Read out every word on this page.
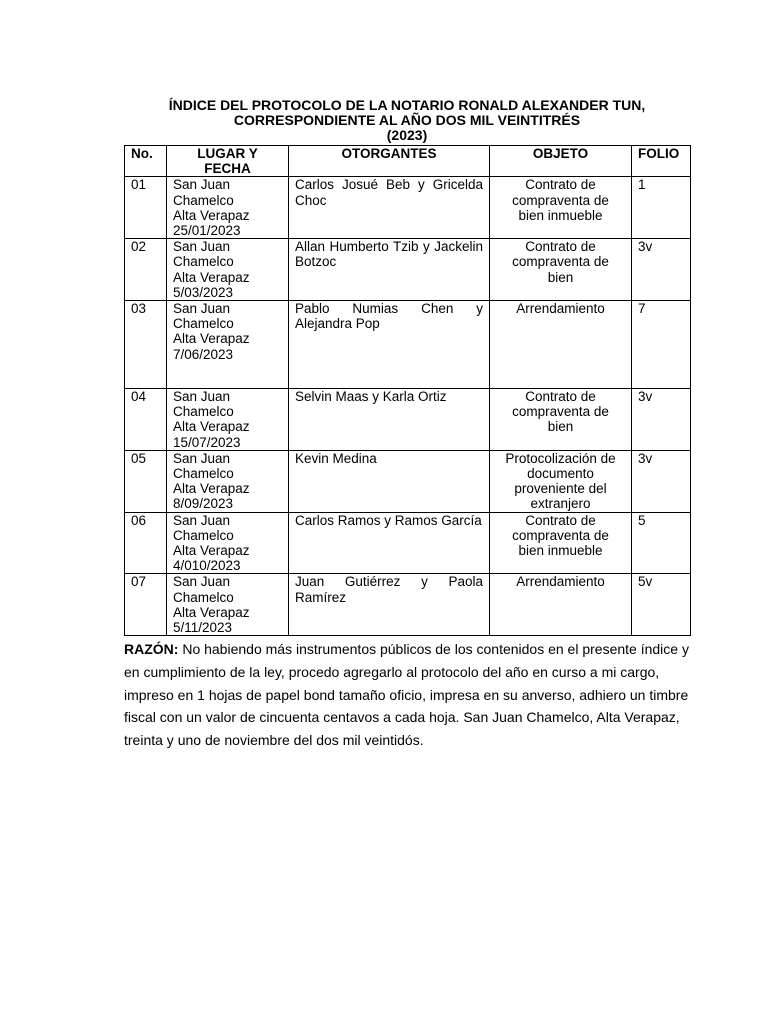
ÍNDICE DEL PROTOCOLO DE LA NOTARIO RONALD ALEXANDER TUN,
CORRESPONDIENTE AL AÑO DOS MIL VEINTITRÉS
(2023)
No.	LUGAR Y
FECHA	OTORGANTES	OBJETO	FOLIO
01	San Juan
Chamelco
Alta Verapaz
25/01/2023	Carlos Josué Beb y Gricelda Choc	Contrato de
compraventa de
bien inmueble	1
02	San Juan
Chamelco
Alta Verapaz
5/03/2023	Allan Humberto Tzib y Jackelin Botzoc	Contrato de
compraventa de
bien	3v
03	San Juan
Chamelco
Alta Verapaz
7/06/2023	Pablo Numias Chen y Alejandra Pop	Arrendamiento	7
04	San Juan
Chamelco
Alta Verapaz
15/07/2023	Selvin Maas y Karla Ortiz	Contrato de
compraventa de
bien	3v
05	San Juan
Chamelco
Alta Verapaz
8/09/2023	Kevin Medina	Protocolización de
documento
proveniente del
extranjero	3v
06	San Juan
Chamelco
Alta Verapaz
4/010/2023	Carlos Ramos y Ramos García	Contrato de
compraventa de
bien inmueble	5
07	San Juan
Chamelco
Alta Verapaz
5/11/2023	Juan Gutiérrez y Paola Ramírez	Arrendamiento	5v
RAZÓN: No habiendo más instrumentos públicos de los contenidos en el presente índice y en cumplimiento de la ley, procedo agregarlo al protocolo del año en curso a mi cargo, impreso en 1 hojas de papel bond tamaño oficio, impresa en su anverso, adhiero un timbre fiscal con un valor de cincuenta centavos a cada hoja. San Juan Chamelco, Alta Verapaz, treinta y uno de noviembre del dos mil veintidós.
